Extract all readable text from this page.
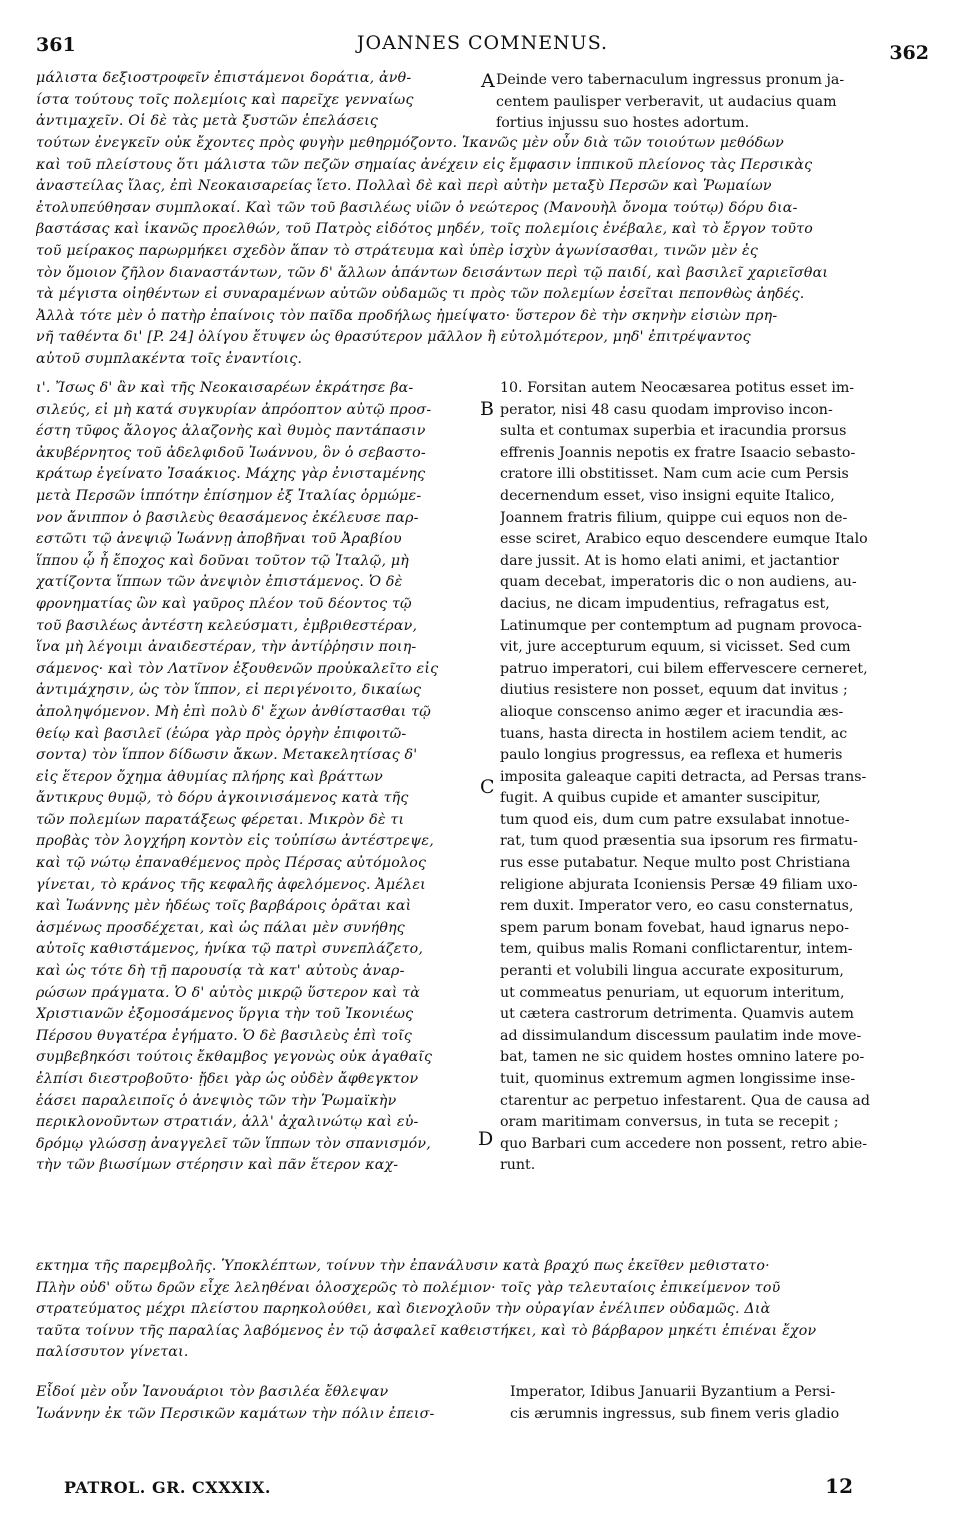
361	JOANNES COMNENUS.	362
μάλιστα δεξιοστροφεῖν ἐπιστάμενοι δοράτια, ἀνθ-
ίστα τούτους τοῖς πολεμίοις καὶ παρεῖχε γενναίως
ἀντιμαχεῖν. Οἱ δὲ τὰς μετὰ ξυστῶν ἐπελάσεις
A Deinde vero tabernaculum ingressus pronum ja-
centem paulisper verberavit, ut audacius quam
fortius injussu suo hostes adortum.
τούτων ἐνεγκεῖν οὐκ ἔχοντες πρὸς φυγὴν μεθηρμόζοντο. Ἱκανῶς μὲν οὖν διὰ τῶν τοιούτων μεθόδων
καὶ τοῦ πλείστους ὅτι μάλιστα τῶν πεζῶν σημαίας ἀνέχειν εἰς ἔμφασιν ἱππικοῦ πλείονος τὰς Περσικὰς
ἀναστείλας ἴλας, ἐπὶ Νεοκαισαρείας ἵετο. Πολλαὶ δὲ καὶ περὶ αὐτὴν μεταξὺ Περσῶν καὶ Ῥωμαίων
ἐτολυπεύθησαν συμπλοκαί. Καὶ τῶν τοῦ βασιλέως υἱῶν ὁ νεώτερος (Μανουὴλ ὄνομα τούτῳ) δόρυ δια-
βαστάσας καὶ ἱκανῶς προελθών, τοῦ Πατρὸς εἰδότος μηδέν, τοῖς πολεμίοις ἐνέβαλε, καὶ τὸ ἔργον τοῦτο
τοῦ μείρακος παρωρμήκει σχεδὸν ἅπαν τὸ στράτευμα καὶ ὑπὲρ ἰσχὺν ἀγωνίσασθαι, τινῶν μὲν ἐς
τὸν ὅμοιον ζῆλον διαναστάντων, τῶν δ' ἄλλων ἁπάντων δεισάντων περὶ τῷ παιδί, καὶ βασιλεῖ χαριεῖσθαι
τὰ μέγιστα οἰηθέντων εἰ συναραμένων αὐτῶν οὐδαμῶς τι πρὸς τῶν πολεμίων ἐσεῖται πεπονθὼς ἀηδές.
Ἀλλὰ τότε μὲν ὁ πατὴρ ἐπαίνοις τὸν παῖδα προδήλως ἠμείψατο· ὕστερον δὲ τὴν σκηνὴν εἰσιὼν πρη-
νῆ ταθέντα δι' [P. 24] ὀλίγου ἔτυψεν ὡς θρασύτερον μᾶλλον ἢ εὐτολμότερον, μηδ' ἐπιτρέψαντος
αὐτοῦ συμπλακέντα τοῖς ἐναντίοις.
ι'. Ἴσως δ' ἂν καὶ τῆς Νεοκαισαρέων ἐκράτησε βα-
σιλεύς, εἰ μὴ κατά συγκυρίαν ἀπρόοπτον αὐτῷ προσ-
έστη τῦφος ἄλογος ἀλαζονὴς καὶ θυμὸς παντάπασιν
ἀκυβέρνητος τοῦ ἀδελφιδοῦ Ἰωάννου, ὃν ὁ σεβαστο-
κράτωρ ἐγείνατο Ἰσαάκιος. Μάχης γὰρ ἐνισταμένης
μετὰ Περσῶν ἱππότην ἐπίσημον ἐξ Ἰταλίας ὁρμώμε-
νον ἄνιππον ὁ βασιλεὺς θεασάμενος ἐκέλευσε παρ-
εστῶτι τῷ ἀνεψιῷ Ἰωάννῃ ἀποβῆναι τοῦ Ἀραβίου
ἵππου ᾧ ἦ ἔποχος καὶ δοῦναι τοῦτον τῷ Ἰταλῷ, μὴ
χατίζοντα ἵππων τῶν ἀνεψιὸν ἐπιστάμενος. Ὁ δὲ
φρονηματίας ὢν καὶ γαῦρος πλέον τοῦ δέοντος τῷ
τοῦ βασιλέως ἀντέστη κελεύσματι, ἐμβριθεστέραν,
ἵνα μὴ λέγοιμι ἀναιδεστέραν, τὴν ἀντίῤῥησιν ποιη-
σάμενος· καὶ τὸν Λατῖνον ἐξουθενῶν προὐκαλεῖτο εἰς
ἀντιμάχησιν, ὡς τὸν ἵππον, εἰ περιγένοιτο, δικαίως
ἀποληψόμενον. Μὴ ἐπὶ πολὺ δ' ἔχων ἀνθίστασθαι τῷ
θείῳ καὶ βασιλεῖ (ἑώρα γὰρ πρὸς ὀργὴν ἐπιφοιτῶ-
σοντα) τὸν ἵππον δίδωσιν ἄκων. Μετακελητίσας δ'
εἰς ἕτερον ὄχημα ἀθυμίας πλήρης καὶ βράττων
ἄντικρυς θυμῷ, τὸ δόρυ ἀγκοινισάμενος κατὰ τῆς
τῶν πολεμίων παρατάξεως φέρεται. Μικρὸν δὲ τι
προβὰς τὸν λογχήρη κοντὸν εἰς τοὐπίσω ἀντέστρεψε,
καὶ τῷ νώτῳ ἐπαναθέμενος πρὸς Πέρσας αὐτόμολος
γίνεται, τὸ κράνος τῆς κεφαλῆς ἀφελόμενος. Ἀμέλει
καὶ Ἰωάννης μὲν ἡδέως τοῖς βαρβάροις ὁρᾶται καὶ
ἀσμένως προσδέχεται, καὶ ὡς πάλαι μὲν συνήθης
αὐτοῖς καθιστάμενος, ἡνίκα τῷ πατρὶ συνεπλάζετο,
καὶ ὡς τότε δὴ τῇ παρουσίᾳ τὰ κατ' αὐτοὺς ἀναρ-
ρώσων πράγματα. Ὁ δ' αὐτὸς μικρῷ ὕστερον καὶ τὰ
Χριστιανῶν ἐξομοσάμενος ὕργια τὴν τοῦ Ἰκονιέως
Πέρσου θυγατέρα ἐγήματο. Ὁ δὲ βασιλεὺς ἐπὶ τοῖς
συμβεβηκόσι τούτοις ἔκθαμβος γεγονὼς οὐκ ἀγαθαῖς
ἐλπίσι διεστροβοῦτο· ᾔδει γὰρ ὡς οὐδὲν ἄφθεγκτον
ἐάσει παραλειποῖς ὁ ἀνεψιὸς τῶν τὴν Ῥωμαϊκὴν
περικλονοῦντων στρατιάν, ἀλλ' ἀχαλινώτῳ καὶ εὐ-
δρόμῳ γλώσσῃ ἀναγγελεῖ τῶν ἵππων τὸν σπανισμόν,
τὴν τῶν βιωσίμων στέρησιν καὶ πᾶν ἕτερον καχ-
B
C
D
10. Forsitan autem Neocæsarea potitus esset im-
perator, nisi 48 casu quodam improviso incon-
sulta et contumax superbia et iracundia prorsus
effrenis Joannis nepotis ex fratre Isaacio sebasto-
cratore illi obstitisset. Nam cum acie cum Persis
decernendum esset, viso insigni equite Italico,
Joannem fratris filium, quippe cui equos non de-
esse sciret, Arabico equo descendere eumque Italo
dare jussit. At is homo elati animi, et jactantior
quam decebat, imperatoris dic o non audiens, au-
dacius, ne dicam impudentius, refragatus est,
Latinumque per contemptum ad pugnam provoca-
vit, jure accepturum equum, si vicisset. Sed cum
patruo imperatori, cui bilem effervescere cerneret,
diutius resistere non posset, equum dat invitus ;
alioque conscenso animo æger et iracundia æs-
tuans, hasta directa in hostilem aciem tendit, ac
paulo longius progressus, ea reflexa et humeris
imposita galeaque capiti detracta, ad Persas trans-
fugit. A quibus cupide et amanter suscipitur,
tum quod eis, dum cum patre exsulabat innotue-
rat, tum quod præsentia sua ipsorum res firmatu-
rus esse putabatur. Neque multo post Christiana
religione abjurata Iconiensis Persæ 49 filiam uxo-
rem duxit. Imperator vero, eo casu consternatus,
spem parum bonam fovebat, haud ignarus nepo-
tem, quibus malis Romani conflictarentur, intem-
peranti et volubili lingua accurate expositurum,
ut commeatus penuriam, ut equorum interitum,
ut cætera castrorum detrimenta. Quamvis autem
ad dissimulandum discessum paulatim inde move-
bat, tamen ne sic quidem hostes omnino latere po-
tuit, quominus extremum agmen longissime inse-
ctarentur ac perpetuo infestarent. Qua de causa ad
oram maritimam conversus, in tuta se recepit ;
quo Barbari cum accedere non possent, retro abie-
runt.
εκτημα τῆς παρεμβολῆς. Ὑποκλέπτων, τοίνυν τὴν ἐπανάλυσιν κατὰ βραχύ πως ἐκεῖθεν μεθιστατο·
Πλὴν οὐδ' οὕτω δρῶν εἶχε λεληθέναι ὁλοσχερῶς τὸ πολέμιον· τοῖς γὰρ τελευταίοις ἐπικείμενον τοῦ
στρατεύματος μέχρι πλείστου παρηκολούθει, καὶ διενοχλοῦν τὴν οὐραγίαν ἐνέλιπεν οὐδαμῶς. Διὰ
ταῦτα τοίνυν τῆς παραλίας λαβόμενος ἐν τῷ ἀσφαλεῖ καθειστήκει, καὶ τὸ βάρβαρον μηκέτι ἐπιέναι ἔχον
παλίσσυτον γίνεται.
Εἶδοί μὲν οὖν Ἰανουάριοι τὸν βασιλέα ἔθλεψαν
Ἰωάννην ἐκ τῶν Περσικῶν καμάτων τὴν πόλιν ἐπεισ-
Imperator, Idibus Januarii Byzantium a Persi-
cis ærumnis ingressus, sub finem veris gladio
PATROL. GR. CXXXIX.	12
